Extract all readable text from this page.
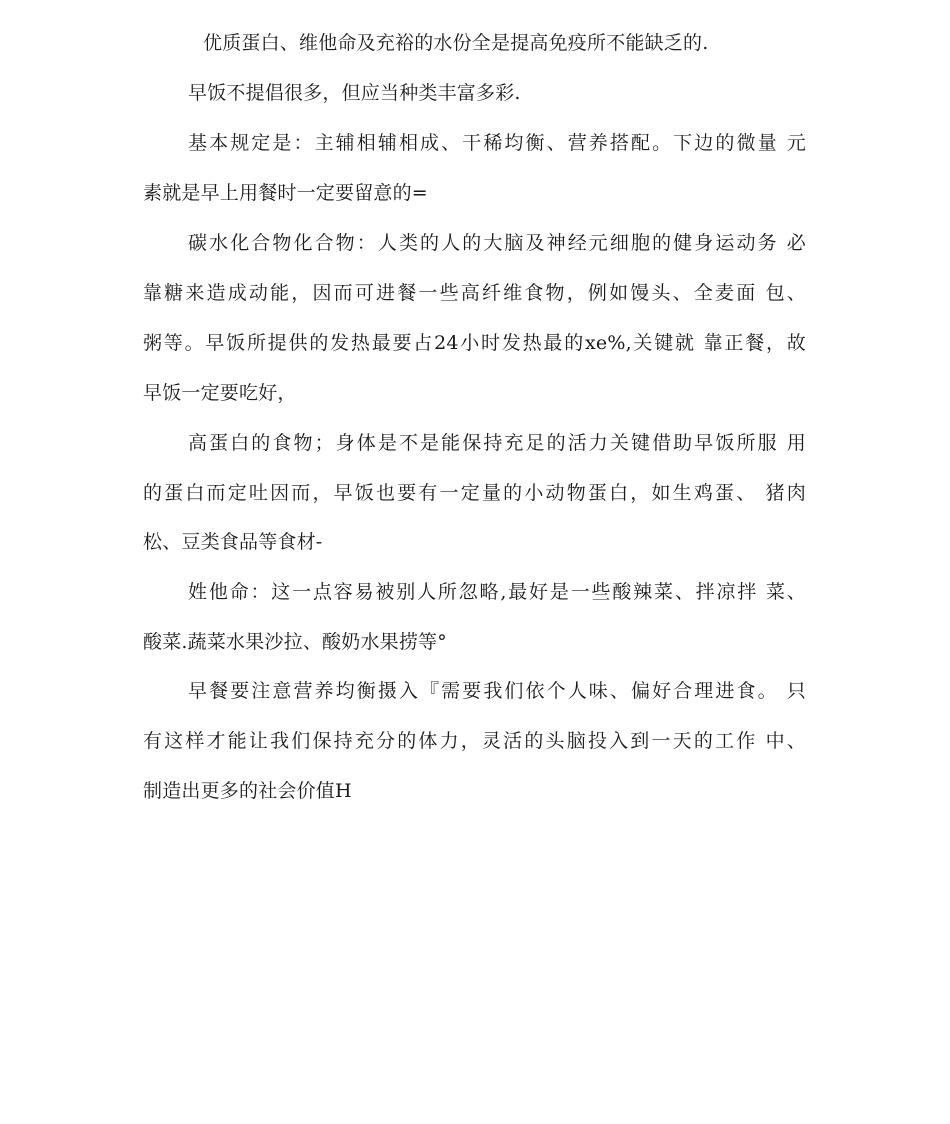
优质蛋白、维他命及充裕的水份全是提高免疫所不能缺乏的.
早饭不提倡很多，但应当种类丰富多彩.
基本规定是：主辅相辅相成、干稀均衡、营养搭配。下边的微量 元
素就是早上用餐时一定要留意的=
碳水化合物化合物：人类的人的大脑及神经元细胞的健身运动务 必
靠糖来造成动能，因而可进餐一些高纤维食物，例如馒头、全麦面 包、
粥等。早饭所提供的发热最要占24小时发热最的xe%,关键就 靠正餐，故
早饭一定要吃好，
高蛋白的食物；身体是不是能保持充足的活力关键借助早饭所服 用
的蛋白而定吐因而，早饭也要有一定量的小动物蛋白，如生鸡蛋、 猪肉
松、豆类食品等食材-
姓他命：这一点容易被别人所忽略,最好是一些酸辣菜、拌凉拌 菜、
酸菜.蔬菜水果沙拉、酸奶水果捞等°
早餐要注意营养均衡摄入『需要我们依个人味、偏好合理进食。 只
有这样才能让我们保持充分的体力，灵活的头脑投入到一天的工作 中、
制造出更多的社会价值H
